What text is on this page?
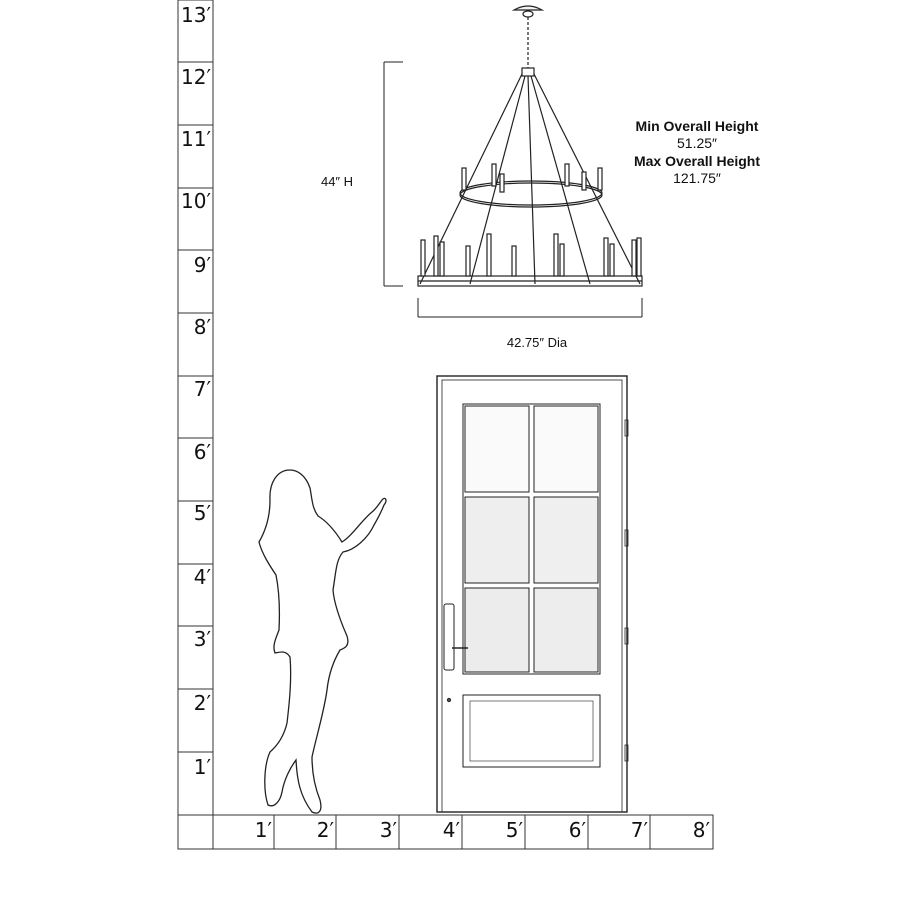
13′
12′
11′
10′
9′
8′
7′
6′
5′
4′
3′
2′
1′
1′ 2′ 3′ 4′ 5′ 6′ 7′ 8′
44″ H
42.75″ Dia
Min Overall Height
51.25″
Max Overall Height
121.75″
